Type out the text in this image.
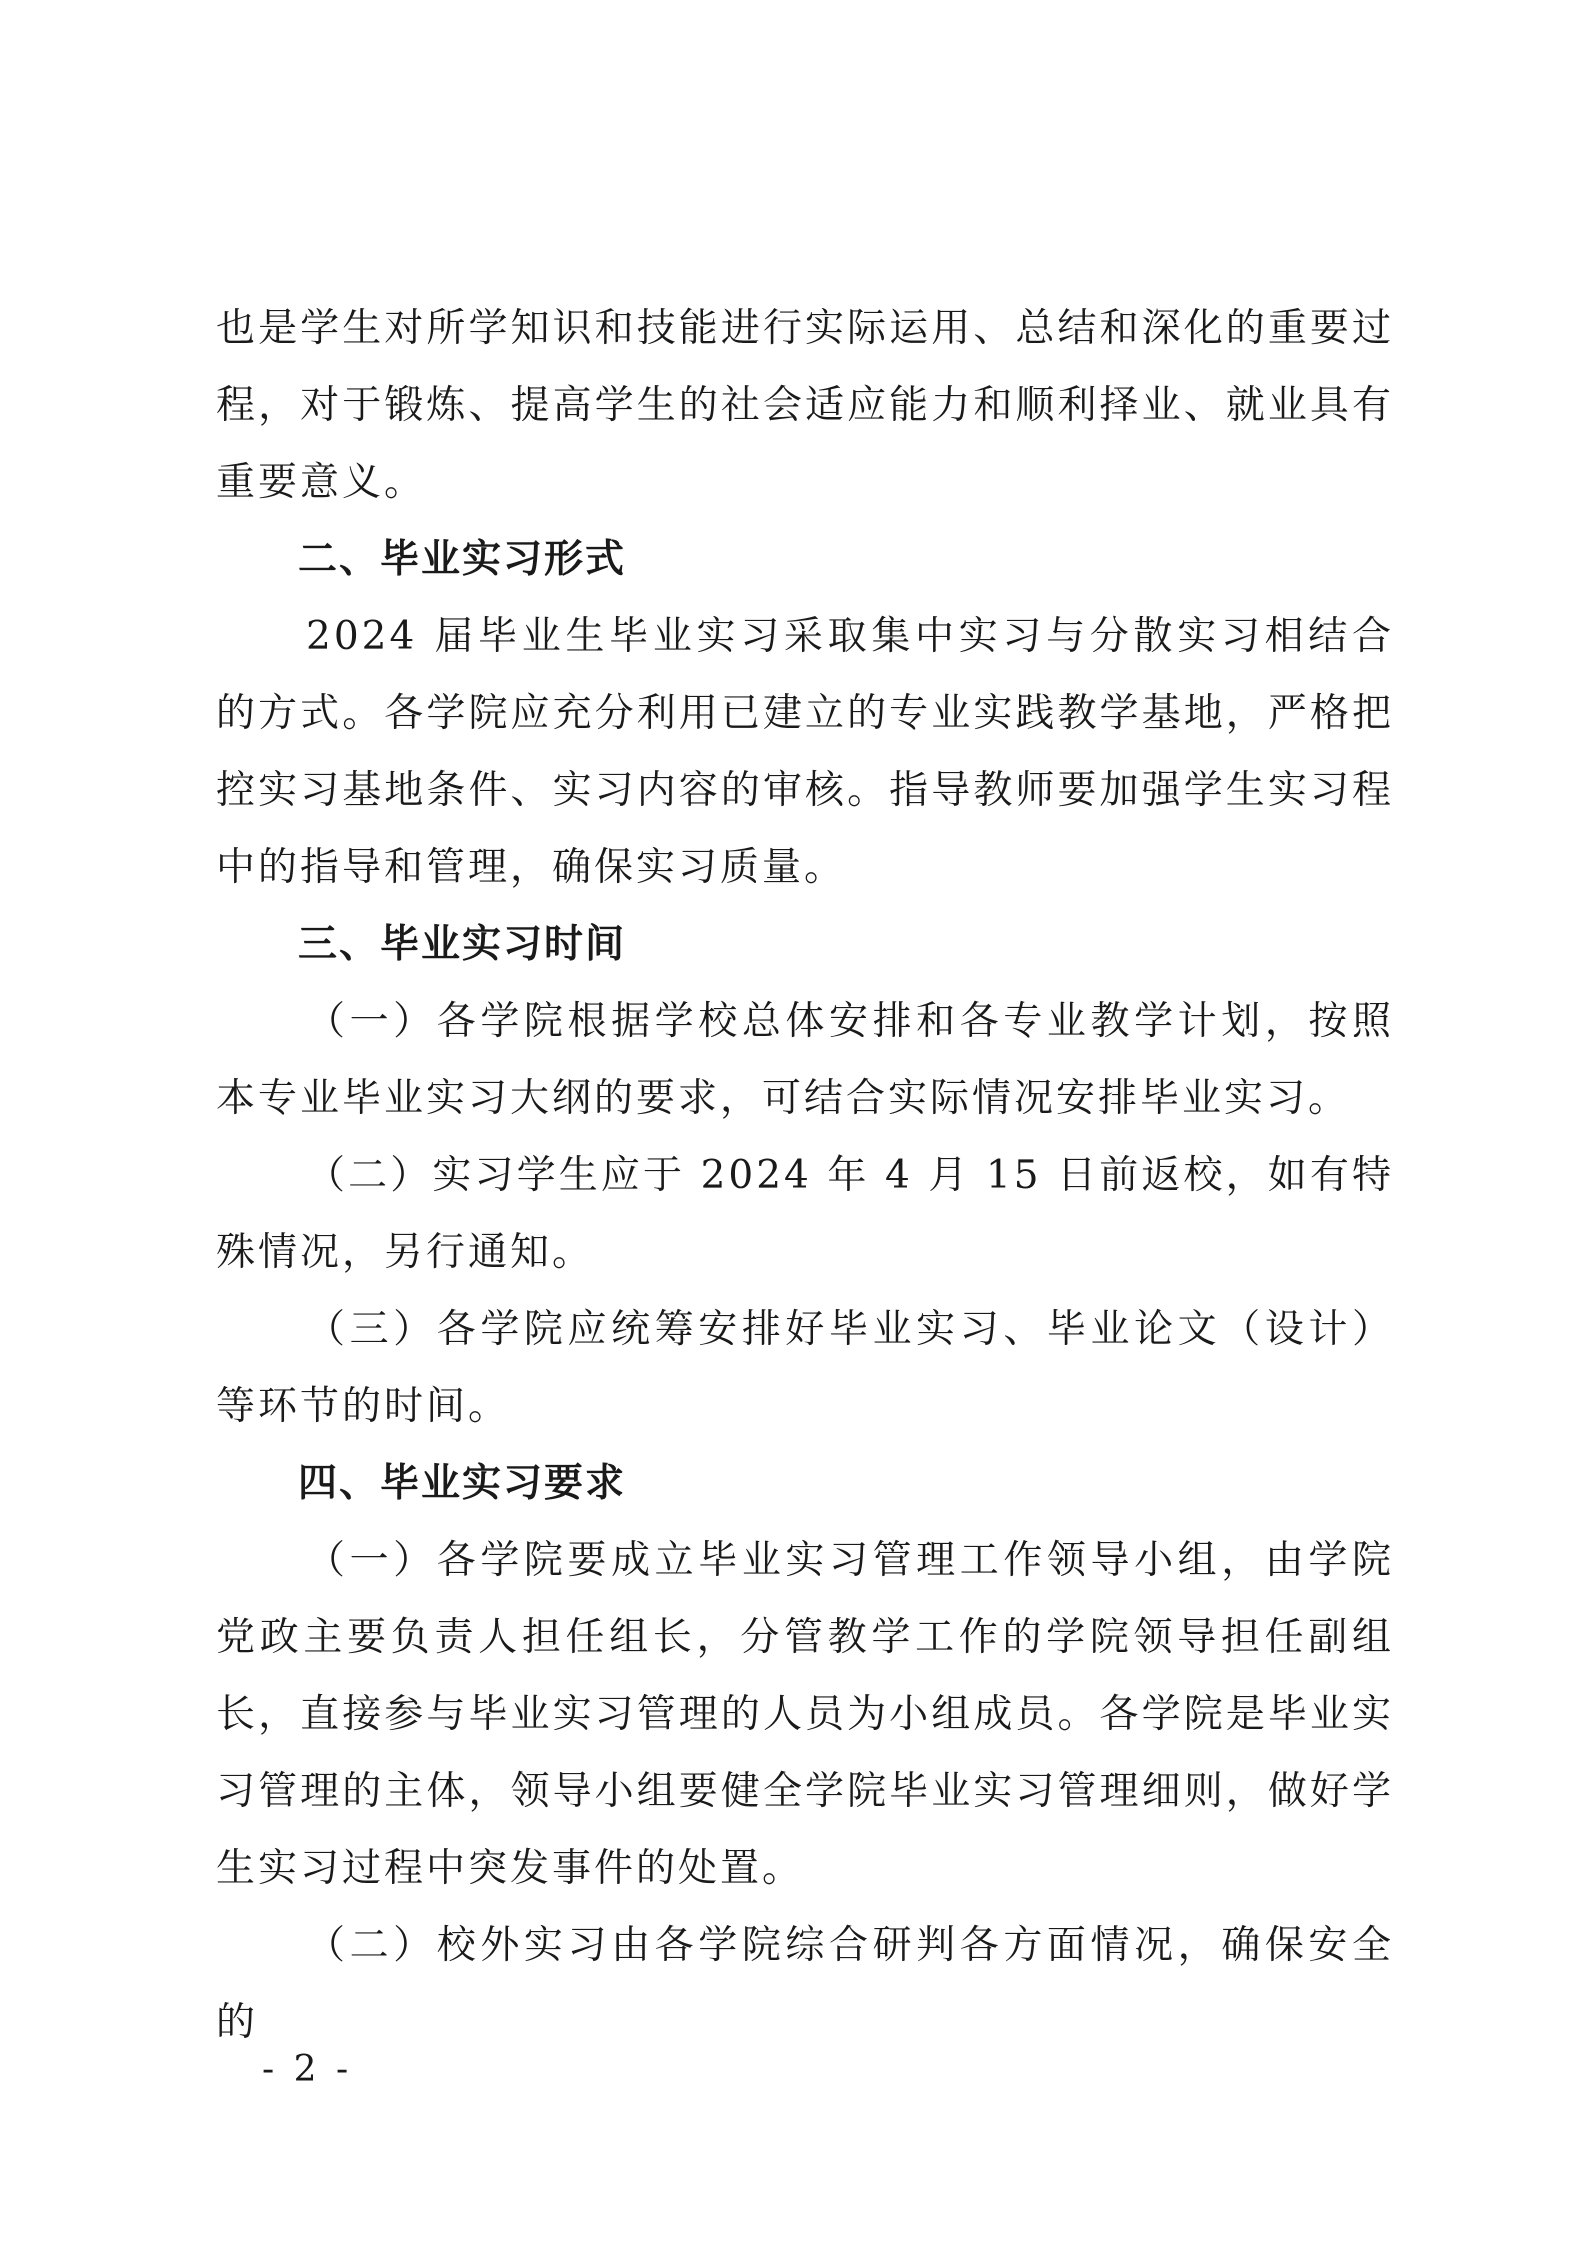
也是学生对所学知识和技能进行实际运用、总结和深化的重要过程，对于锻炼、提高学生的社会适应能力和顺利择业、就业具有重要意义。

二、毕业实习形式

2024 届毕业生毕业实习采取集中实习与分散实习相结合的方式。各学院应充分利用已建立的专业实践教学基地，严格把控实习基地条件、实习内容的审核。指导教师要加强学生实习程中的指导和管理，确保实习质量。

三、毕业实习时间

（一）各学院根据学校总体安排和各专业教学计划，按照本专业毕业实习大纲的要求，可结合实际情况安排毕业实习。

（二）实习学生应于 2024 年 4 月 15 日前返校，如有特殊情况，另行通知。

（三）各学院应统筹安排好毕业实习、毕业论文（设计）等环节的时间。

四、毕业实习要求

（一）各学院要成立毕业实习管理工作领导小组，由学院党政主要负责人担任组长，分管教学工作的学院领导担任副组长，直接参与毕业实习管理的人员为小组成员。各学院是毕业实习管理的主体，领导小组要健全学院毕业实习管理细则，做好学生实习过程中突发事件的处置。

（二）校外实习由各学院综合研判各方面情况，确保安全的

- 2 -
